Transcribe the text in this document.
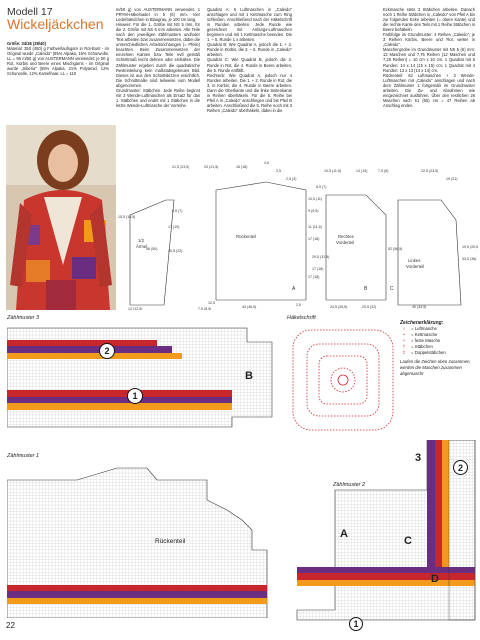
Modell 17
Wickeljäckchen

Größe: 34/36 (38/40)

Material: 350 (450) g Farbverlaufsgarn in Rot-Bunt - im Original wurde „Caleido" (85% Alpaka, 15% Schurwolle, LL = 95 m/50 g) von AUSTERMANN verwendet; je 50 g Rot, Kürbis und Beere eines Mischgarns - im Original wurde „Siberia" (55% Alpaka, 21% Polyamid, 12% Schurwolle, 12% Kamelhaar, LL = 110

m/50 g) von AUSTERMANN verwendet. 1 PRYM-Häkelnadel in 5 (6) mm. Vier Lederbändchen in Blaugrau, je 100 cm lang.

Hinweis: Für die 1. Größe mit NS 5 mm, für die 2. Größe mit NS 6 mm arbeiten. Alle Teile nach den jeweiligen Zählmustern und/oder Text arbeiten bzw zusammensetzen, dabei die unterschiedlichen Arbeitsrichtungen (= Pfeile) beachten. Beim Zusammensetzen der einzelnen Kanten bzw Teile evtl gemäß Schnittmaß leicht dehnen oder einhalten. Die Zählmuster ergeben durch die quadratische Resteinteilung kein maßstabsgetreues Bild. Dieses ist aus den Schnittskizzen ersichtlich. Die Schnittmaße sind teilweise vom Modell abgenommen.

Grundmuster: Stäbchen. Jede Reihe beginnt mit 3 Wende-Luftmaschen als Ersatz für das 1. Stäbchen und endet mit 1 Stäbchen in die letzte Wende-Luftmasche der Vorreihe.

Quadrat A: 6 Luftmaschen in „Caleido" anschlagen und mit 1 Kettmasche zum Ring schließen. Anschließend nach der Häkelschrift in Runden arbeiten. Jede Runde wie gezeichnet mit Anfangs-Luftmaschen beginnen und mit 1 Kettmasche beenden. Die 1. – 5. Runde 1 x arbeiten.

Quadrat B: Wie Quadrat A, jedoch die 1. + 2. Runde in Kürbis, die 3. – 5. Runde in „Caleido" arbeiten.

Quadrat C: Wie Quadrat B, jedoch die 3. Runde in Rot, die 4. Runde in Beere arbeiten, die 5. Runde entfällt.

Rechteck: Wie Quadrat A, jedoch nur 4 Runden arbeiten. Die 1. + 2. Runde in Rot, die 3. in Kürbis, die 4. Runde in Beere arbeiten. Dann die Oberkante und die linke Seitenkante in Reihen überhäkeln. Für die 5. Reihe bei Pfeil A in „Caleido" anschlingen und bis Pfeil B arbeiten. Anschließend die 5. Reihe noch mit 3 Reihen „Caleido" überhäkeln, dabei in die

Eckmasche stets 3 Stäbchen arbeiten. Danach noch 1 Reihe Stäbchen in „Caleido" von Pfeil A bis zur folgenden Ecke arbeiten (= obere Kante) und die rechte Kante des Teils mit 1 Reihe Stäbchen in Beere behäkeln.

Farbfolge im Grundmuster: 4 Reihen „Caleido", je 3 Reihen Kürbis, Beere und Rot, weiter in „Caleido".

Maschenprobe im Grundmuster mit NS 5 (6) mm: 13 Maschen und 7,75 Reihen (12 Maschen und 7,25 Reihen) = 10 cm x 10 cm. 1 Quadrat mit 5 Runden: 14 x 14 (15 x 15) cm; 1 Quadrat mit 4 Runden: 13 x 13 (14 x 14) cm.

Rückenteil: 62 Luftmaschen + 3 Wende-Luftmaschen mit „Caleido" anschlagen und nach dem Zählmuster 1 fortgemäß im Grundmuster arbeiten. Die Zu- und Abnahmen wie eingezeichnet ausführen. Über den restlichen 26 Maschen nach 61 (65) cm = 47 Reihen ab Anschlag enden.

1/2
Ärmel
Rückenteil	Rechtes
Vorderteil
Linkes
Vorderteil
21,5 (23,5)	20 (21,5)	16 (18)
4,5
2,5
2,5 (3)
10,5 (11,5)	14 (15)	7,5 (8)	22,5 (23,5)
19 (21)
6,5 (7)
15,5 (16,5)
17 (19)
46 (50)	20,5 (22)
10,5 (11)
9 (9,5)
11 (11,5)
17 (18)
6,5 (7)
29,5 (31,5)
17 (18)
52 (56,5)	19,5 (20,5)
33,5 (36)
17 (18)
12 (12,5)	7,5 (8,5)
12,5
43 (46,5)	2,5	24,5 (26,5)	20,5 (22)	40 (43,5)
A	B	C
Zählmuster 3
2
1
B
Häkelschrift
Zeichenerklärung:
○	= Luftmasche
•	= Kettmasche
+	= feste Masche
†	= Stäbchen
‡	= Doppelstäbchen
Laufen die Zeichen oben zusammen, werden die Maschen zusammen abgemascht
Zählmuster 1
Rückenteil
Zählmuster 2
A
C
D
3
2
1
22
